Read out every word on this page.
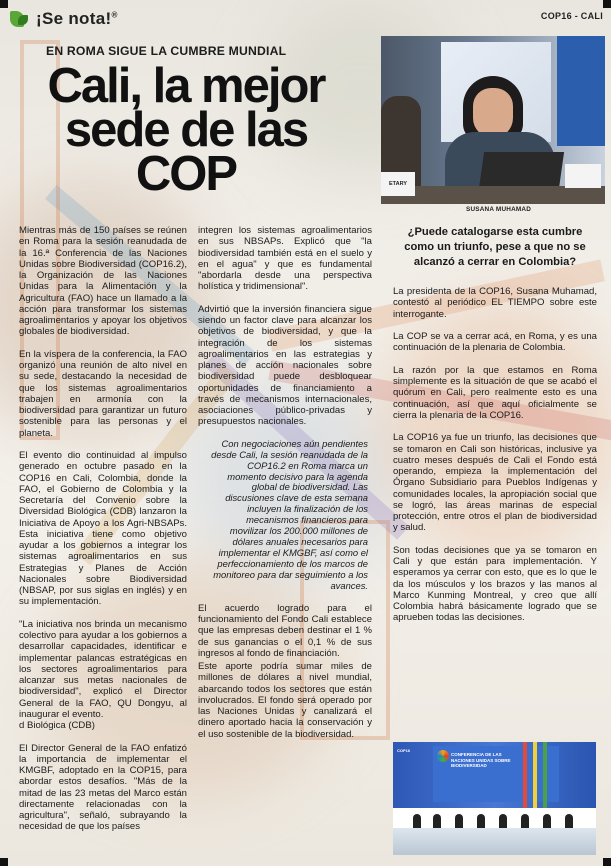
¡Se nota!®	COP16 - CALI
EN ROMA SIGUE LA CUMBRE MUNDIAL
Cali, la mejor sede de las COP	ETARY
SUSANA MUHAMAD

Mientras más de 150 países se reúnen en Roma para la sesión reanudada de la 16.ª Conferencia de las Naciones Unidas sobre Biodiversidad (COP16.2), la Organización de las Naciones Unidas para la Alimentación y la Agricultura (FAO) hace un llamado a la acción para transformar los sistemas agroalimentarios y apoyar los objetivos globales de biodiversidad.

En la víspera de la conferencia, la FAO organizó una reunión de alto nivel en su sede, destacando la necesidad de que los sistemas agroalimentarios trabajen en armonía con la biodiversidad para garantizar un futuro sostenible para las personas y el planeta.

El evento dio continuidad al impulso generado en octubre pasado en la COP16 en Cali, Colombia, donde la FAO, el Gobierno de Colombia y la Secretaría del Convenio sobre la Diversidad Biológica (CDB) lanzaron la Iniciativa de Apoyo a los Agri-NBSAPs. Esta iniciativa tiene como objetivo ayudar a los gobiernos a integrar los sistemas agroalimentarios en sus Estrategias y Planes de Acción Nacionales sobre Biodiversidad (NBSAP, por sus siglas en inglés) y en su implementación.

"La iniciativa nos brinda un mecanismo colectivo para ayudar a los gobiernos a desarrollar capacidades, identificar e implementar palancas estratégicas en los sectores agroalimentarios para alcanzar sus metas nacionales de biodiversidad", explicó el Director General de la FAO, QU Dongyu, al inaugurar el evento.

d Biológica (CDB)

El Director General de la FAO enfatizó la importancia de implementar el KMGBF, adoptado en la COP15, para abordar estos desafíos. "Más de la mitad de las 23 metas del Marco están directamente relacionadas con la agricultura", señaló, subrayando la necesidad de que los países

integren los sistemas agroalimentarios en sus NBSAPs. Explicó que "la biodiversidad también está en el suelo y en el agua" y que es fundamental "abordarla desde una perspectiva holística y tridimensional".

Advirtió que la inversión financiera sigue siendo un factor clave para alcanzar los objetivos de biodiversidad, y que la integración de los sistemas agroalimentarios en las estrategias y planes de acción nacionales sobre biodiversidad puede desbloquear oportunidades de financiamiento a través de mecanismos internacionales, asociaciones público-privadas y presupuestos nacionales.

Con negociaciones aún pendientes desde Cali, la sesión reanudada de la COP16.2 en Roma marca un momento decisivo para la agenda global de biodiversidad. Las discusiones clave de esta semana incluyen la finalización de los mecanismos financieros para movilizar los 200.000 millones de dólares anuales necesarios para implementar el KMGBF, así como el perfeccionamiento de los marcos de monitoreo para dar seguimiento a los avances.

El acuerdo logrado para el funcionamiento del Fondo Cali establece que las empresas deben destinar el 1 % de sus ganancias o el 0,1 % de sus ingresos al fondo de financiación.

Este aporte podría sumar miles de millones de dólares a nivel mundial, abarcando todos los sectores que están involucrados. El fondo será operado por las Naciones Unidas y canalizará el dinero aportado hacia la conservación y el uso sostenible de la biodiversidad.

¿Puede catalogarse esta cumbre como un triunfo, pese a que no se alcanzó a cerrar en Colombia?

La presidenta de la COP16, Susana Muhamad, contestó al periódico EL TIEMPO sobre este interrogante.

La COP se va a cerrar acá, en Roma, y es una continuación de la plenaria de Colombia.

La razón por la que estamos en Roma simplemente es la situación de que se acabó el quórum en Cali, pero realmente esto es una continuación, así que aquí oficialmente se cierra la plenaria de la COP16.

La COP16 ya fue un triunfo, las decisiones que se tomaron en Cali son históricas, inclusive ya cuatro meses después de Cali el Fondo está operando, empieza la implementación del Órgano Subsidiario para Pueblos Indígenas y comunidades locales, la apropiación social que se logró, las áreas marinas de especial protección, entre otros el plan de biodiversidad y salud.

Son todas decisiones que ya se tomaron en Cali y que están para implementación. Y esperamos ya cerrar con esto, que es lo que le da los músculos y los brazos y las manos al Marco Kunming Montreal, y creo que allí Colombia habrá básicamente logrado que se aprueben todas las decisiones.

CONFERENCIA DE LAS NACIONES UNIDAS SOBRE BIODIVERSIDAD
COP16
